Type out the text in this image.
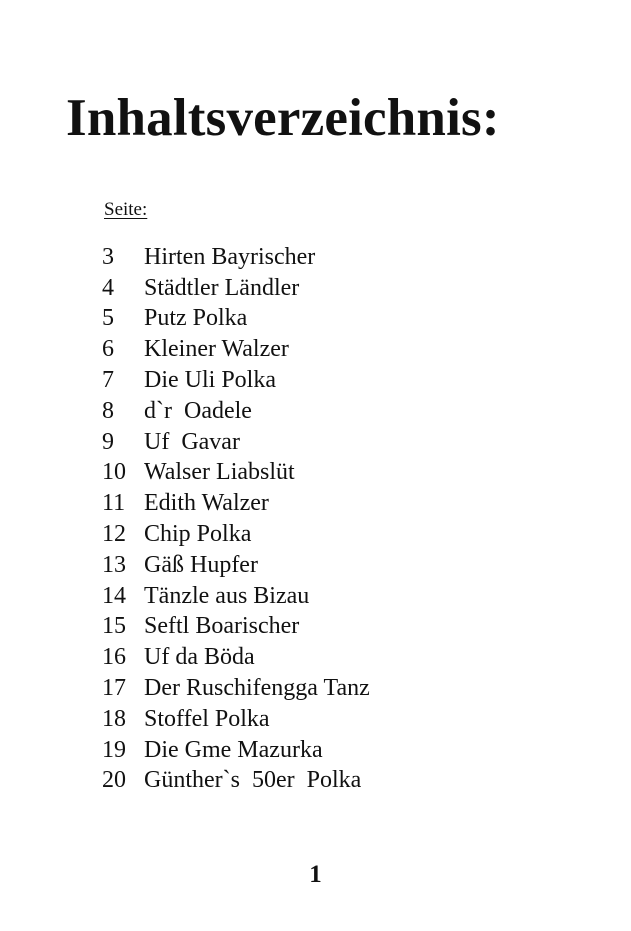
Inhaltsverzeichnis:
Seite:
3	Hirten Bayrischer
4	Städtler Ländler
5	Putz Polka
6	Kleiner Walzer
7	Die Uli Polka
8	d`r  Oadele
9	Uf  Gavar
10 Walser Liabslüt
11 Edith Walzer
12 Chip Polka
13 Gäß Hupfer
14 Tänzle aus Bizau
15 Seftl Boarischer
16 Uf da Böda
17 Der Ruschifengga Tanz
18 Stoffel Polka
19 Die Gme Mazurka
20 Günther`s  50er  Polka
1
